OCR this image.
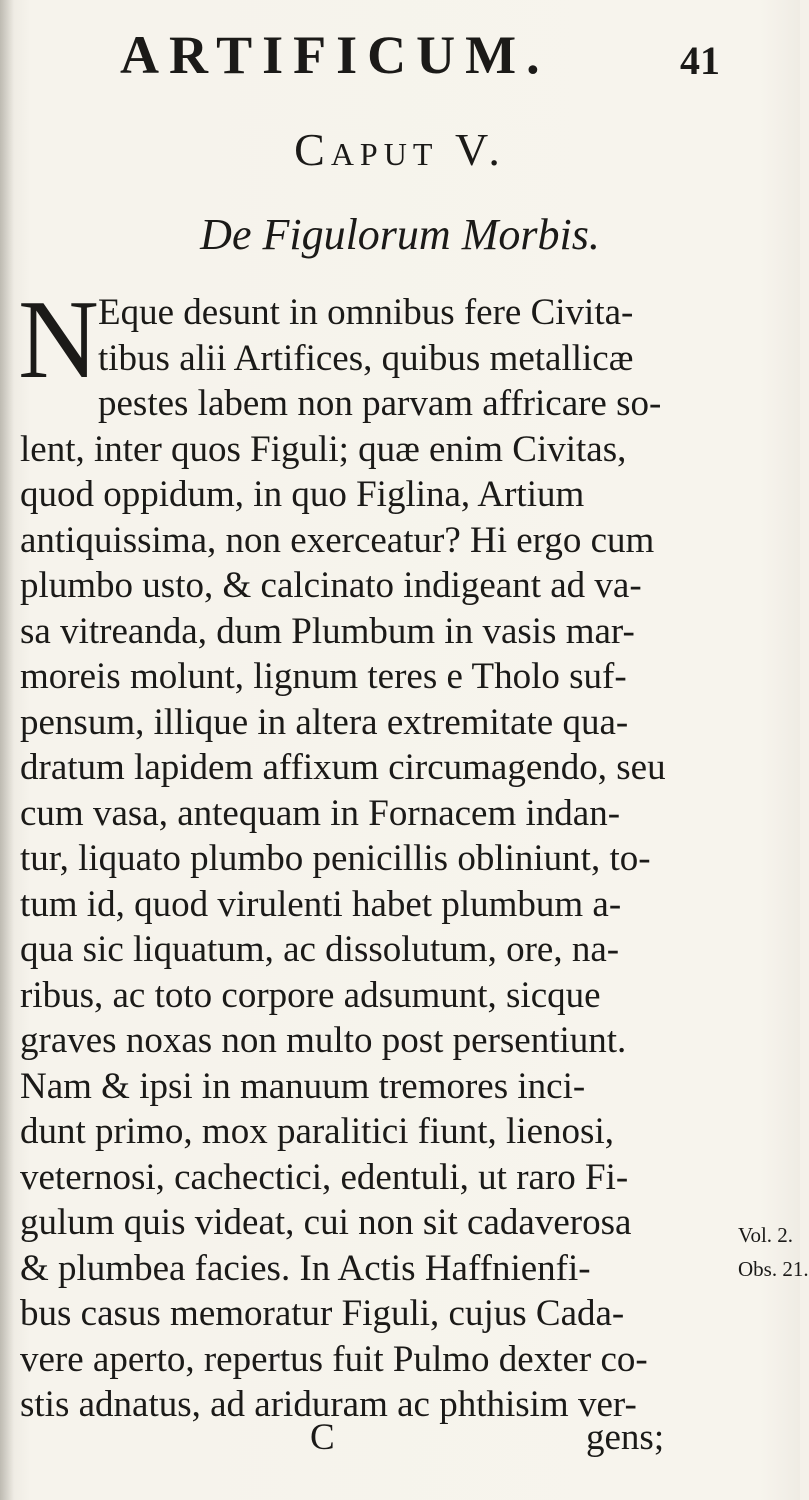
ARTIFICUM.	41
Caput V.
De Figulorum Morbis.
N Eque desunt in omnibus fere Civita-
tibus alii Artifices, quibus metallicæ
pestes labem non parvam affricare so-
lent, inter quos Figuli; quæ enim Civitas,
quod oppidum, in quo Figlina, Artium
antiquissima, non exerceatur? Hi ergo cum
plumbo usto, & calcinato indigeant ad va-
sa vitreanda, dum Plumbum in vasis mar-
moreis molunt, lignum teres e Tholo suf-
pensum, illique in altera extremitate qua-
dratum lapidem affixum circumagendo, seu
cum vasa, antequam in Fornacem indan-
tur, liquato plumbo penicillis obliniunt, to-
tum id, quod virulenti habet plumbum a-
qua sic liquatum, ac dissolutum, ore, na-
ribus, ac toto corpore adsumunt, sicque
graves noxas non multo post persentiunt.
Nam & ipsi in manuum tremores inci-
dunt primo, mox paralitici fiunt, lienosi,
veternosi, cachectici, edentuli, ut raro Fi-
gulum quis videat, cui non sit cadaverosa
& plumbea facies. In Actis Haffnienfi-
bus casus memoratur Figuli, cujus Cada-
vere aperto, repertus fuit Pulmo dexter co-
stis adnatus, ad ariduram ac phthisim ver-
Vol. 2.
Obs. 21.
C	gens;
